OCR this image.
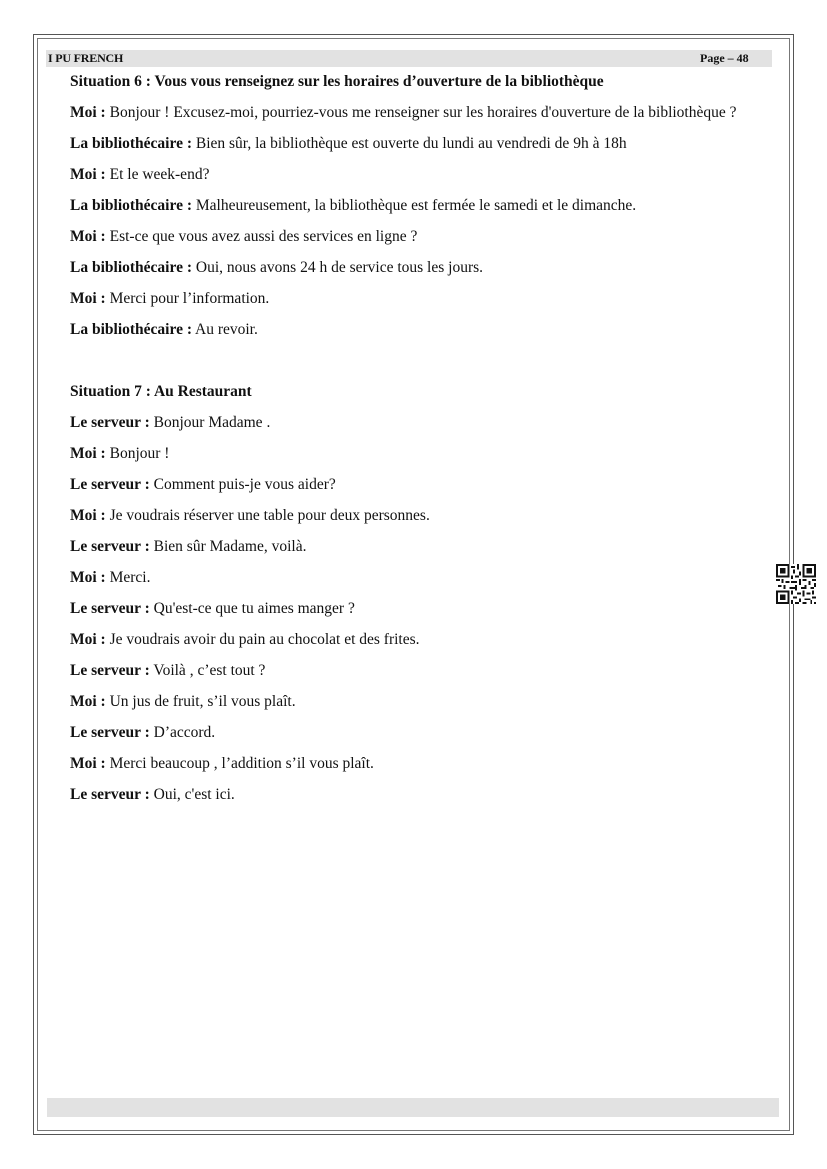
I PU FRENCH	Page – 48
Situation 6 : Vous vous renseignez sur les horaires d’ouverture de la bibliothèque
Moi : Bonjour ! Excusez-moi, pourriez-vous me renseigner sur les horaires d'ouverture de la bibliothèque ?
La bibliothécaire : Bien sûr, la bibliothèque est ouverte du lundi au vendredi de 9h à 18h
Moi : Et le week-end?
La bibliothécaire : Malheureusement, la bibliothèque est fermée le samedi et le dimanche.
Moi : Est-ce que vous avez aussi des services en ligne ?
La bibliothécaire : Oui, nous avons 24 h de service tous les jours.
Moi : Merci pour l’information.
La bibliothécaire : Au revoir.
Situation 7 : Au Restaurant
Le serveur : Bonjour Madame .
Moi : Bonjour !
Le serveur : Comment puis-je vous aider?
Moi : Je voudrais réserver une table pour deux personnes.
Le serveur : Bien sûr Madame, voilà.
Moi : Merci.
Le serveur : Qu'est-ce que tu aimes manger ?
Moi : Je voudrais avoir du pain au chocolat et des frites.
Le serveur : Voilà , c’est tout ?
Moi : Un jus de fruit, s’il vous plaît.
Le serveur : D’accord.
Moi : Merci beaucoup , l’addition s’il vous plaît.
Le serveur : Oui, c'est ici.
